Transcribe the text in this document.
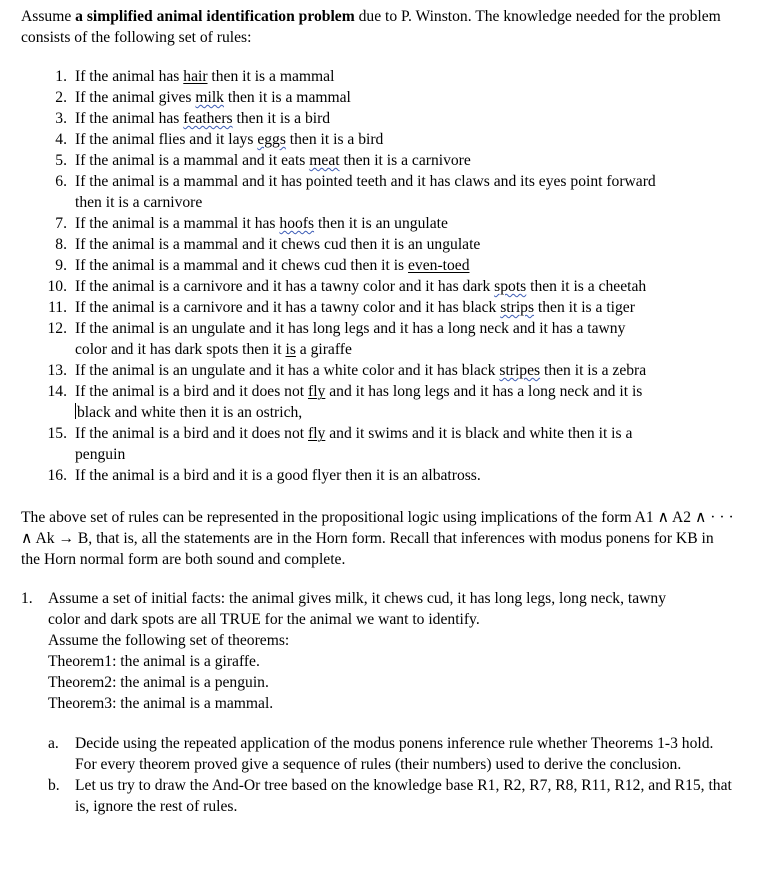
Assume a simplified animal identification problem due to P. Winston. The knowledge needed for the problem consists of the following set of rules:

1. If the animal has hair then it is a mammal
2. If the animal gives milk then it is a mammal
3. If the animal has feathers then it is a bird
4. If the animal flies and it lays eggs then it is a bird
5. If the animal is a mammal and it eats meat then it is a carnivore
6. If the animal is a mammal and it has pointed teeth and it has claws and its eyes point forward
then it is a carnivore
7. If the animal is a mammal it has hoofs then it is an ungulate
8. If the animal is a mammal and it chews cud then it is an ungulate
9. If the animal is a mammal and it chews cud then it is even-toed
10. If the animal is a carnivore and it has a tawny color and it has dark spots then it is a cheetah
11. If the animal is a carnivore and it has a tawny color and it has black strips then it is a tiger
12. If the animal is an ungulate and it has long legs and it has a long neck and it has a tawny
color and it has dark spots then it is a giraffe
13. If the animal is an ungulate and it has a white color and it has black stripes then it is a zebra
14. If the animal is a bird and it does not fly and it has long legs and it has a long neck and it is
black and white then it is an ostrich,
15. If the animal is a bird and it does not fly and it swims and it is black and white then it is a
penguin
16. If the animal is a bird and it is a good flyer then it is an albatross.

The above set of rules can be represented in the propositional logic using implications of the form A1 ∧ A2 ∧ · · · ∧ Ak → B, that is, all the statements are in the Horn form. Recall that inferences with modus ponens for KB in the Horn normal form are both sound and complete.

1. Assume a set of initial facts: the animal gives milk, it chews cud, it has long legs, long neck, tawny
color and dark spots are all TRUE for the animal we want to identify.
Assume the following set of theorems:
Theorem1: the animal is a giraffe.
Theorem2: the animal is a penguin.
Theorem3: the animal is a mammal.
a. Decide using the repeated application of the modus ponens inference rule whether Theorems 1-3 hold. For every theorem proved give a sequence of rules (their numbers) used to derive the conclusion.
b. Let us try to draw the And-Or tree based on the knowledge base R1, R2, R7, R8, R11, R12, and R15, that is, ignore the rest of rules.
